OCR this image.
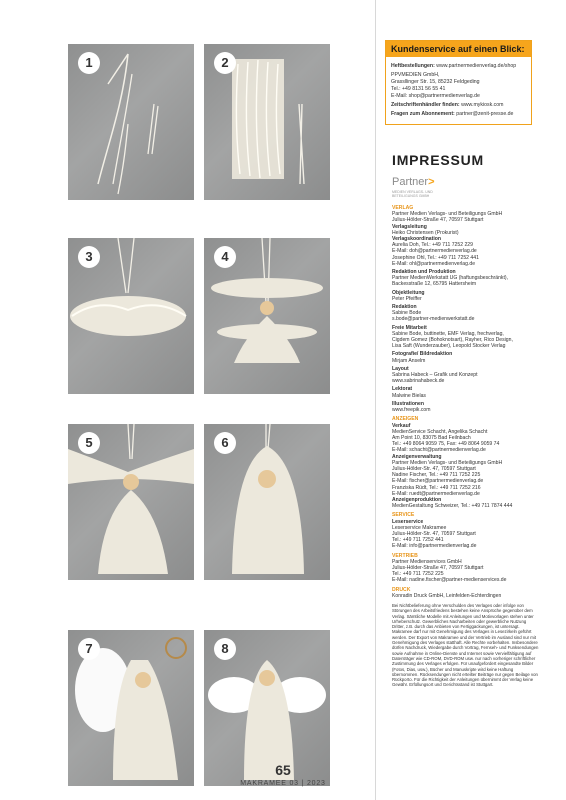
1	2
3	4
5	6
7	8
Kundenservice auf einen Blick:

Heftbestellungen: www.partnermedienverlag.de/shop

PPVMEDIEN GmbH,
Grassllinger Str. 15, 85232 Feldgeding
Tel.: +49 8131 56 55 41
E-Mail: shop@partnermedienverlag.de

Zeitschriftenhändler finden: www.mykiosk.com

Fragen zum Abonnement: partner@zenit-presse.de

IMPRESSUM
Partner>
MEDIEN VERLAGS- UND BETEILIGUNGS GMBH
VERLAG
Partner Medien Verlags- und Beteiligungs GmbH
Julius-Hölder-Straße 47, 70597 Stuttgart
Verlagsleitung
Heiko Christensen (Prokurist)
Verlagskoordination
Aurelia Doh, Tel.: +49 711 7252 229
E-Mail: doh@partnermedienverlag.de
Josephine Ohl, Tel.: +49 711 7252 441
E-Mail: ohl@partnermedienverlag.de
Redaktion und Produktion
Partner MedienWerkstatt UG (haftungsbeschränkt),
Backesstraße 12, 65795 Hattersheim
Objektleitung
Peter Pfeiffer
Redaktion
Sabine Bode
s.bode@partner-medienwerkstatt.de
Freie Mitarbeit
Sabine Bode, buttinette, EMF Verlag, frechverlag,
Cigdem Gomez (Bohoknotsart), Rayher, Rico Design,
Lisa Saft (Wunderzauber), Leopold Stocker Verlag
Fotografie/ Bildredaktion
Mirjam Anselm
Layout
Sabrina Habeck – Grafik und Konzept
www.sabrinahabeck.de
Lektorat
Malwine Bielas
Illustrationen
www.freepik.com
ANZEIGEN
Verkauf
MedienService Schacht, Angelika Schacht
Am Point 10, 83075 Bad Feilnbach
Tel.: +49 8064 9059 75, Fax: +49 8064 9059 74
E-Mail: schacht@partnermedienverlag.de
Anzeigenverwaltung
Partner Medien Verlags- und Beteiligungs GmbH
Julius-Hölder-Str. 47, 70597 Stuttgart
Nadine Fischer, Tel.: +49 711 7252 225
E-Mail: fischer@partnermedienverlag.de
Franziska Rüdt, Tel.: +49 711 7252 216
E-Mail: ruedt@partnermedienverlag.de
Anzeigenproduktion
MedienGestaltung Schweizer, Tel.: +49 711 7874 444
SERVICE
Leserservice
Leserservice Makramee
Julius-Hölder-Str. 47, 70597 Stuttgart
Tel.: +49 711 7252 441
E-Mail: info@partnermedienverlag.de
VERTRIEB
Partner Medienservices GmbH
Julius-Hölder-Straße 47, 70597 Stuttgart
Tel.: +49 711 7252 225
E-Mail: nadine.fischer@partner-medienservices.de
DRUCK
Konradin Druck GmbH, Leinfelden-Echterdingen
Bei Nichtbelieferung ohne Verschulden des Verlages oder infolge von Störungen des Arbeitsfriedens bestehen keine Ansprüche gegenüber dem Verlag. Sämtliche Modelle mit Anleitungen und Motivvorlagen stehen unter Urheberschutz. Gewerbliches Nacharbeiten oder gewerbliche Nutzung Dritter, z.B. durch das Anbieten von Fertiggackungen, ist untersagt. Makramee darf nur mit Genehmigung des Verlages in Lesezirkeln geführt werden. Der Export von Makramee und der Vertrieb im Ausland sind nur mit Genehmigung des Verlages statthaft. Alle Rechte vorbehalten. Insbesondere dürfen Nachdruck, Wiedergabe durch Vortrag, Fernseh- und Funksendungen sowie Aufnahme in Online-Dienste und Internet sowie Vervielfältigung auf Datenträger wie CD-ROM, DVD-ROM usw. nur nach vorheriger schriftlicher Zustimmung des Verlages erfolgen. Für unaufgefordert eingesandte Bilder (Fotos, Dias, usw.), Bücher und Manuskripte wird keine Haftung übernommen. Rücksendungen nicht erteilter Beiträge nur gegen Beilage von Rückporto. Für die Richtigkeit der Anleitungen übernimmt der Verlag keine Gewähr. Erfüllungsort und Gerichtsstand ist Stuttgart.
65
MAKRAMEE 03 | 2023
